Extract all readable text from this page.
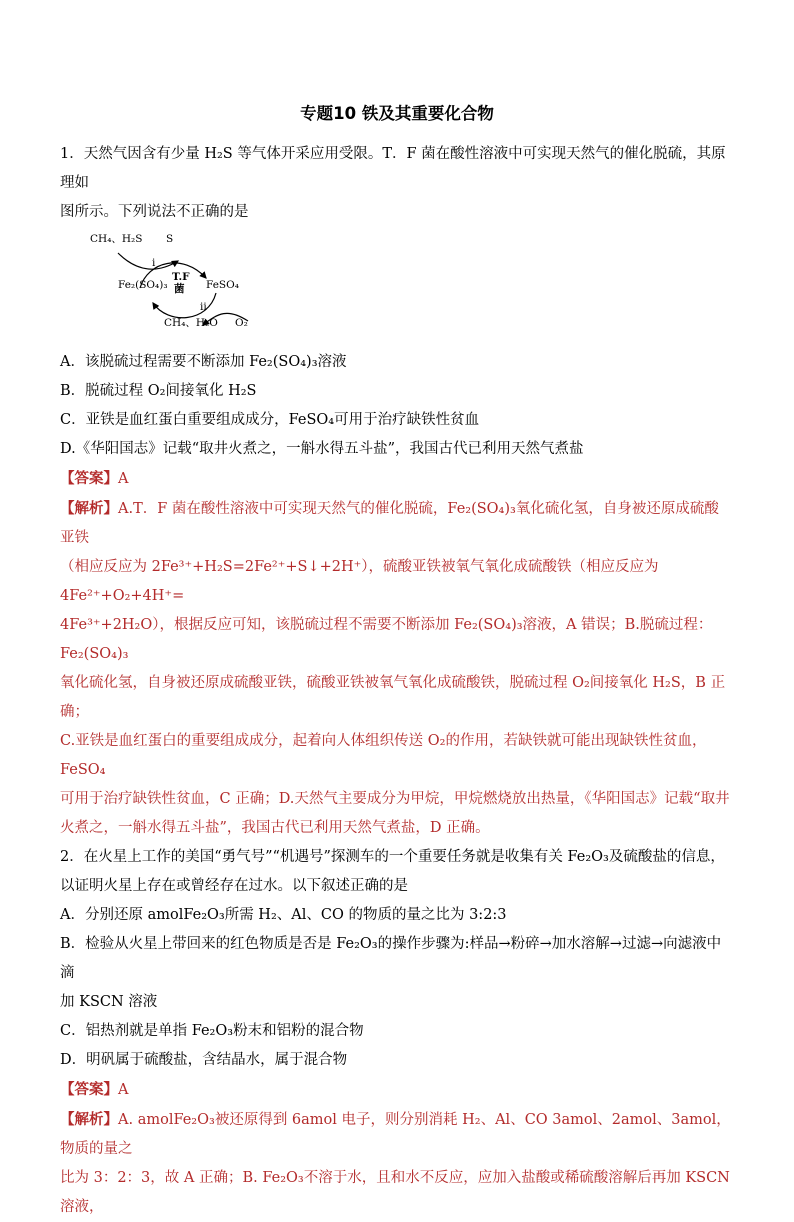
专题10 铁及其重要化合物

1．天然气因含有少量 H₂S 等气体开采应用受限。T．F 菌在酸性溶液中可实现天然气的催化脱硫，其原理如

图所示。下列说法不正确的是

CH₄、H₂S S
i
T.F
菌
Fe₂(SO₄)₃	FeSO₄
ii
CH₄、H₂O O₂

A．该脱硫过程需要不断添加 Fe₂(SO₄)₃溶液

B．脱硫过程 O₂间接氧化 H₂S

C．亚铁是血红蛋白重要组成成分，FeSO₄可用于治疗缺铁性贫血

D.《华阳国志》记载“取井火煮之，一斛水得五斗盐”，我国古代已利用天然气煮盐

【答案】A

【解析】A.T．F 菌在酸性溶液中可实现天然气的催化脱硫，Fe₂(SO₄)₃氧化硫化氢，自身被还原成硫酸亚铁

（相应反应为 2Fe³⁺+H₂S=2Fe²⁺+S↓+2H⁺），硫酸亚铁被氧气氧化成硫酸铁（相应反应为 4Fe²⁺+O₂+4H⁺=

4Fe³⁺+2H₂O），根据反应可知，该脱硫过程不需要不断添加 Fe₂(SO₄)₃溶液，A 错误；B.脱硫过程：Fe₂(SO₄)₃

氧化硫化氢，自身被还原成硫酸亚铁，硫酸亚铁被氧气氧化成硫酸铁，脱硫过程 O₂间接氧化 H₂S，B 正确；

C.亚铁是血红蛋白的重要组成成分，起着向人体组织传送 O₂的作用，若缺铁就可能出现缺铁性贫血，FeSO₄

可用于治疗缺铁性贫血，C 正确；D.天然气主要成分为甲烷，甲烷燃烧放出热量，《华阳国志》记载“取井

火煮之，一斛水得五斗盐”，我国古代已利用天然气煮盐，D 正确。

2．在火星上工作的美国“勇气号”“机遇号”探测车的一个重要任务就是收集有关 Fe₂O₃及硫酸盐的信息，

以证明火星上存在或曾经存在过水。以下叙述正确的是

A．分别还原 amolFe₂O₃所需 H₂、Al、CO 的物质的量之比为 3:2:3

B．检验从火星上带回来的红色物质是否是 Fe₂O₃的操作步骤为:样品→粉碎→加水溶解→过滤→向滤液中滴

加 KSCN 溶液

C．铝热剂就是单指 Fe₂O₃粉末和铝粉的混合物

D．明矾属于硫酸盐，含结晶水，属于混合物

【答案】A

【解析】A. amolFe₂O₃被还原得到 6amol 电子，则分别消耗 H₂、Al、CO 3amol、2amol、3amol，物质的量之

比为 3：2：3，故 A 正确；B. Fe₂O₃不溶于水，且和水不反应，应加入盐酸或稀硫酸溶解后再加 KSCN 溶液，
